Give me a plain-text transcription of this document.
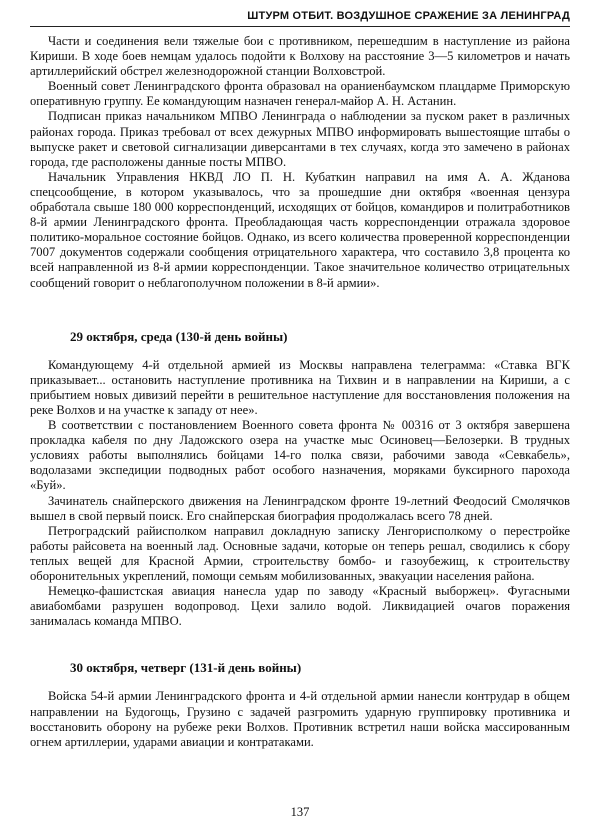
ШТУРМ ОТБИТ. ВОЗДУШНОЕ СРАЖЕНИЕ ЗА ЛЕНИНГРАД

Части и соединения вели тяжелые бои с противником, перешедшим в наступление из района Кириши. В ходе боев немцам удалось подойти к Волхову на расстояние 3—5 километров и начать артиллерийский обстрел железнодорожной станции Волховстрой.

Военный совет Ленинградского фронта образовал на ораниенбаумском плацдарме Приморскую оперативную группу. Ее командующим назначен генерал-майор А. Н. Астанин.

Подписан приказ начальником МПВО Ленинграда о наблюдении за пуском ракет в различных районах города. Приказ требовал от всех дежурных МПВО информировать вышестоящие штабы о выпуске ракет и световой сигнализации диверсантами в тех случаях, когда это замечено в районах города, где расположены данные посты МПВО.

Начальник Управления НКВД ЛО П. Н. Кубаткин направил на имя А. А. Жданова спецсообщение, в котором указывалось, что за прошедшие дни октября «военная цензура обработала свыше 180 000 корреспонденций, исходящих от бойцов, командиров и политработников 8-й армии Ленинградского фронта. Преобладающая часть корреспонденции отражала здоровое политико-моральное состояние бойцов. Однако, из всего количества проверенной корреспонденции 7007 документов содержали сообщения отрицательного характера, что составило 3,8 процента ко всей направленной из 8-й армии корреспонденции. Такое значительное количество отрицательных сообщений говорит о неблагополучном положении в 8-й армии».

29 октября, среда (130-й день войны)

Командующему 4-й отдельной армией из Москвы направлена телеграмма: «Ставка ВГК приказывает... остановить наступление противника на Тихвин и в направлении на Кириши, а с прибытием новых дивизий перейти в решительное наступление для восстановления положения на реке Волхов и на участке к западу от нее».

В соответствии с постановлением Военного совета фронта № 00316 от 3 октября завершена прокладка кабеля по дну Ладожского озера на участке мыс Осиновец—Белозерки. В трудных условиях работы выполнялись бойцами 14-го полка связи, рабочими завода «Севкабель», водолазами экспедиции подводных работ особого назначения, моряками буксирного парохода «Буй».

Зачинатель снайперского движения на Ленинградском фронте 19-летний Феодосий Смолячков вышел в свой первый поиск. Его снайперская биография продолжалась всего 78 дней.

Петроградский райисполком направил докладную записку Ленгорисполкому о перестройке работы райсовета на военный лад. Основные задачи, которые он теперь решал, сводились к сбору теплых вещей для Красной Армии, строительству бомбо- и газоубежищ, к строительству оборонительных укреплений, помощи семьям мобилизованных, эвакуации населения района.

Немецко-фашистская авиация нанесла удар по заводу «Красный выборжец». Фугасными авиабомбами разрушен водопровод. Цехи залило водой. Ликвидацией очагов поражения занималась команда МПВО.

30 октября, четверг (131-й день войны)

Войска 54-й армии Ленинградского фронта и 4-й отдельной армии нанесли контрудар в общем направлении на Будогощь, Грузино с задачей разгромить ударную группировку противника и восстановить оборону на рубеже реки Волхов. Противник встретил наши войска массированным огнем артиллерии, ударами авиации и контратаками.

137
